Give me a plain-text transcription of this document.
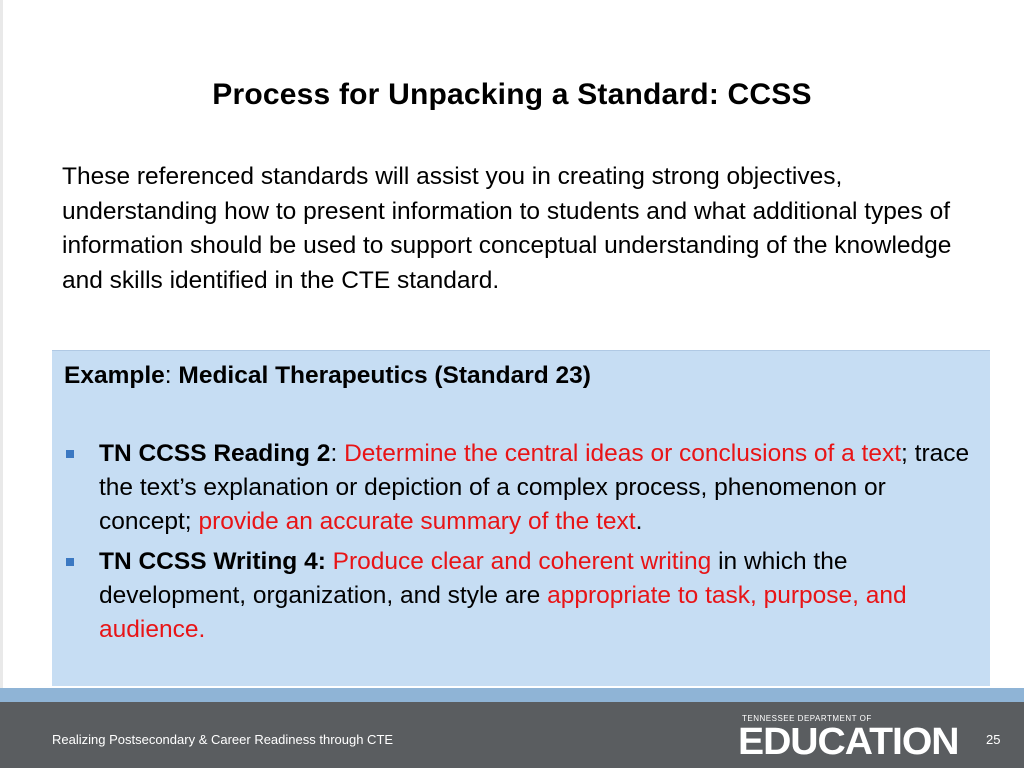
Process for Unpacking a Standard: CCSS
These referenced standards will assist you in creating strong objectives, understanding how to present information to students and what additional types of information should be used to support conceptual understanding of the knowledge and skills identified in the CTE standard.
Example: Medical Therapeutics (Standard 23)
TN CCSS Reading 2: Determine the central ideas or conclusions of a text; trace the text’s explanation or depiction of a complex process, phenomenon or concept; provide an accurate summary of the text.
TN CCSS Writing 4: Produce clear and coherent writing in which the development, organization, and style are appropriate to task, purpose, and audience.
Realizing Postsecondary & Career Readiness through CTE
TENNESSEE DEPARTMENT OF
EDUCATION	25
